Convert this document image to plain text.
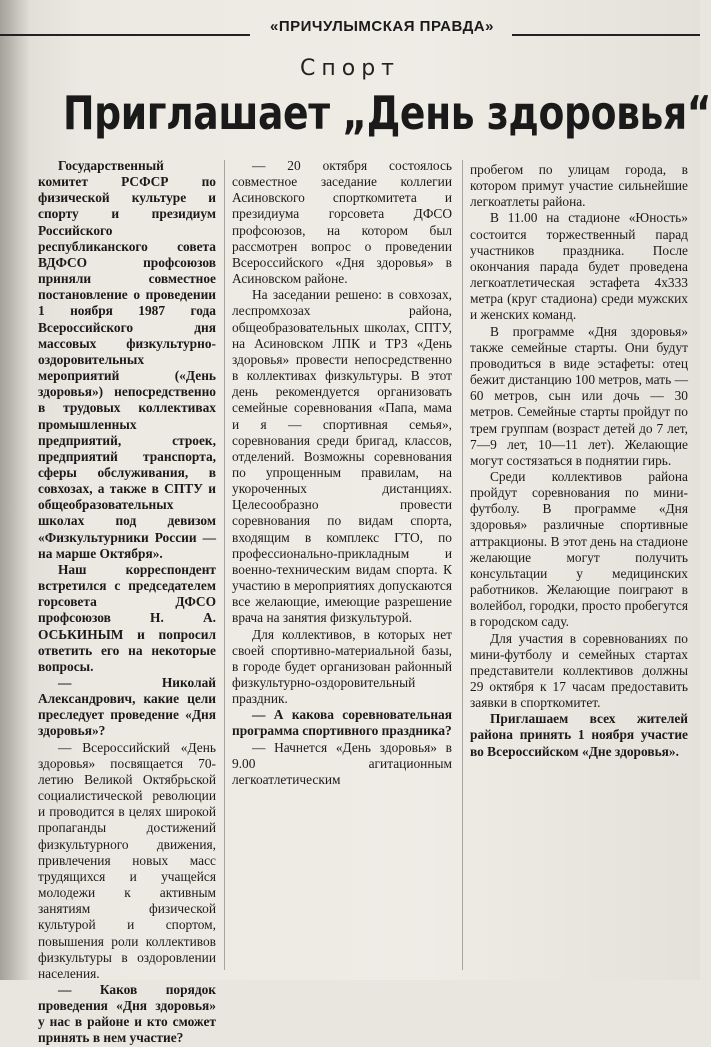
«ПРИЧУЛЫМСКАЯ ПРАВДА»
Спорт
Приглашает „День здоровья“

Государственный комитет РСФСР по физической культуре и спорту и президиум Российского республиканского совета ВДФСО профсоюзов приняли совместное постановление о проведении 1 ноября 1987 года Всероссийского дня массовых физкультурно-оздоровительных мероприятий («День здоровья») непосредственно в трудовых коллективах промышленных предприятий, строек, предприятий транспорта, сферы обслуживания, в совхозах, а также в СПТУ и общеобразовательных школах под девизом «Физкультурники России — на марше Октября».

Наш корреспондент встретился с председателем горсовета ДФСО профсоюзов Н. А. ОСЬКИНЫМ и попросил ответить его на некоторые вопросы.

— Николай Александрович, какие цели преследует проведение «Дня здоровья»?

— Всероссийский «День здоровья» посвящается 70-летию Великой Октябрьской социалистической революции и проводится в целях широкой пропаганды достижений физкультурного движения, привлечения новых масс трудящихся и учащейся молодежи к активным занятиям физической культурой и спортом, повышения роли коллективов физкультуры в оздоровлении населения.

— Каков порядок проведения «Дня здоровья» у нас в районе и кто сможет принять в нем участие?

— 20 октября состоялось совместное заседание коллегии Асиновского спорткомитета и президиума горсовета ДФСО профсоюзов, на котором был рассмотрен вопрос о проведении Всероссийского «Дня здоровья» в Асиновском районе.

На заседании решено: в совхозах, леспромхозах района, общеобразовательных школах, СПТУ, на Асиновском ЛПК и ТРЗ «День здоровья» провести непосредственно в коллективах физкультуры. В этот день рекомендуется организовать семейные соревнования «Папа, мама и я — спортивная семья», соревнования среди бригад, классов, отделений. Возможны соревнования по упрощенным правилам, на укороченных дистанциях. Целесообразно провести соревнования по видам спорта, входящим в комплекс ГТО, по профессионально-прикладным и военно-техническим видам спорта. К участию в мероприятиях допускаются все желающие, имеющие разрешение врача на занятия физкультурой.

Для коллективов, в которых нет своей спортивно-материальной базы, в городе будет организован районный физкультурно-оздоровительный праздник.

— А какова соревновательная программа спортивного праздника?

— Начнется «День здоровья» в 9.00 агитационным легкоатлетическим

пробегом по улицам города, в котором примут участие сильнейшие легкоатлеты района.

В 11.00 на стадионе «Юность» состоится торжественный парад участников праздника. После окончания парада будет проведена легкоатлетическая эстафета 4х333 метра (круг стадиона) среди мужских и женских команд.

В программе «Дня здоровья» также семейные старты. Они будут проводиться в виде эстафеты: отец бежит дистанцию 100 метров, мать — 60 метров, сын или дочь — 30 метров. Семейные старты пройдут по трем группам (возраст детей до 7 лет, 7—9 лет, 10—11 лет). Желающие могут состязаться в поднятии гирь.

Среди коллективов района пройдут соревнования по мини-футболу. В программе «Дня здоровья» различные спортивные аттракционы. В этот день на стадионе желающие могут получить консультации у медицинских работников. Желающие поиграют в волейбол, городки, просто пробегутся в городском саду.

Для участия в соревнованиях по мини-футболу и семейных стартах представители коллективов должны 29 октября к 17 часам предоставить заявки в спорткомитет.

Приглашаем всех жителей района принять 1 ноября участие во Всероссийском «Дне здоровья».
